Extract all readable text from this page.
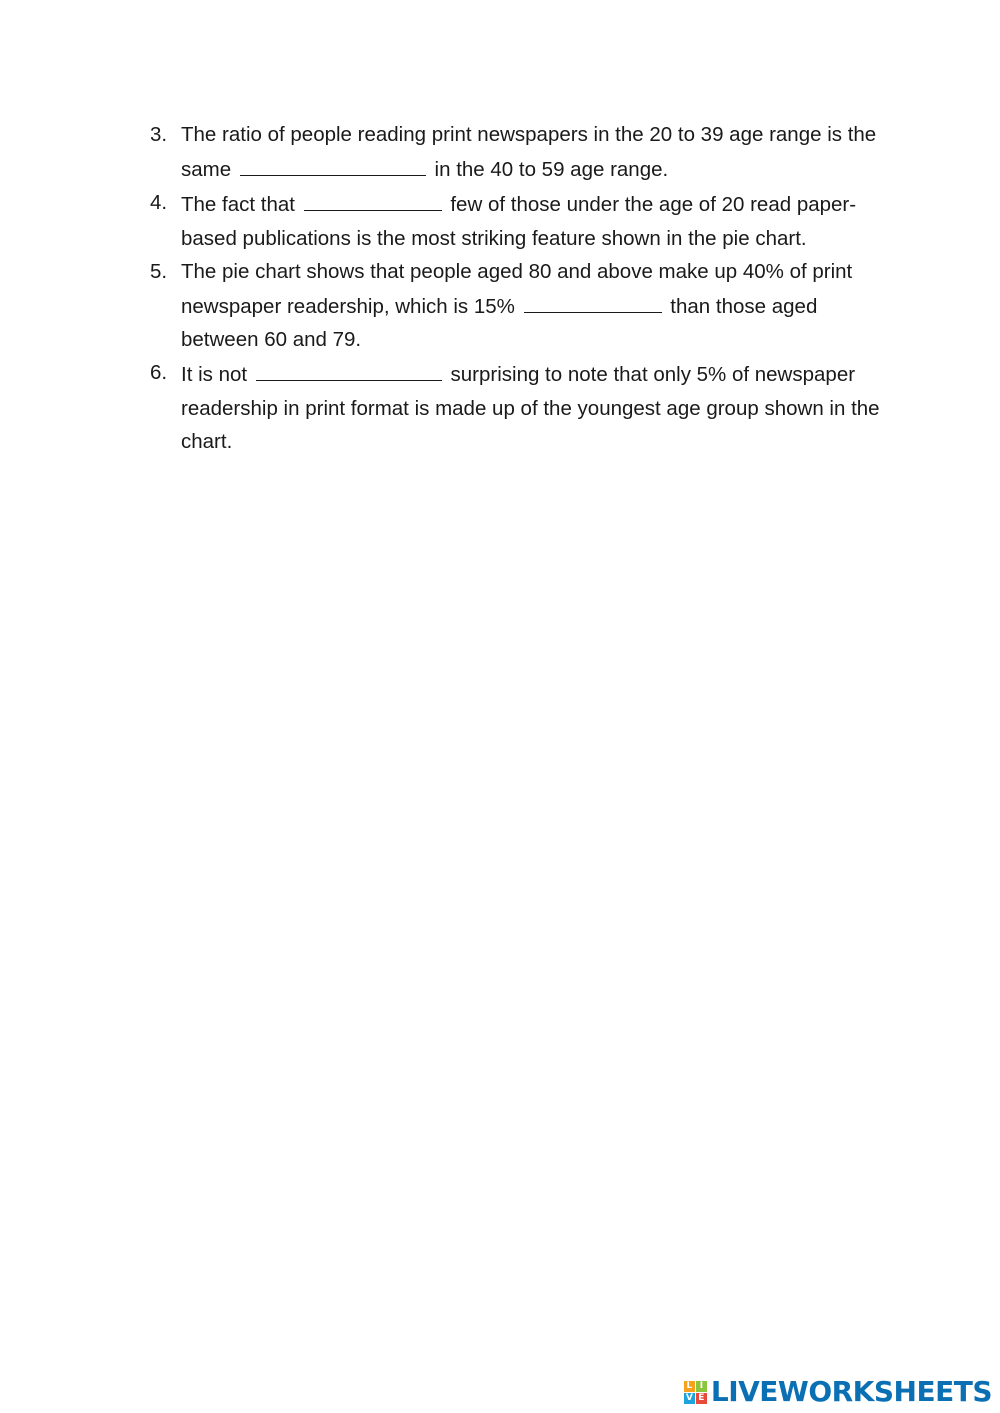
3. The ratio of people reading print newspapers in the 20 to 39 age range is the same	in the 40 to 59 age range.
4. The fact that	few of those under the age of 20 read paper-based publications is the most striking feature shown in the pie chart.
5. The pie chart shows that people aged 80 and above make up 40% of print newspaper readership, which is 15%	than those aged between 60 and 79.
6. It is not	surprising to note that only 5% of newspaper readership in print format is made up of the youngest age group shown in the chart.
L I
V E LIVEWORKSHEETS
